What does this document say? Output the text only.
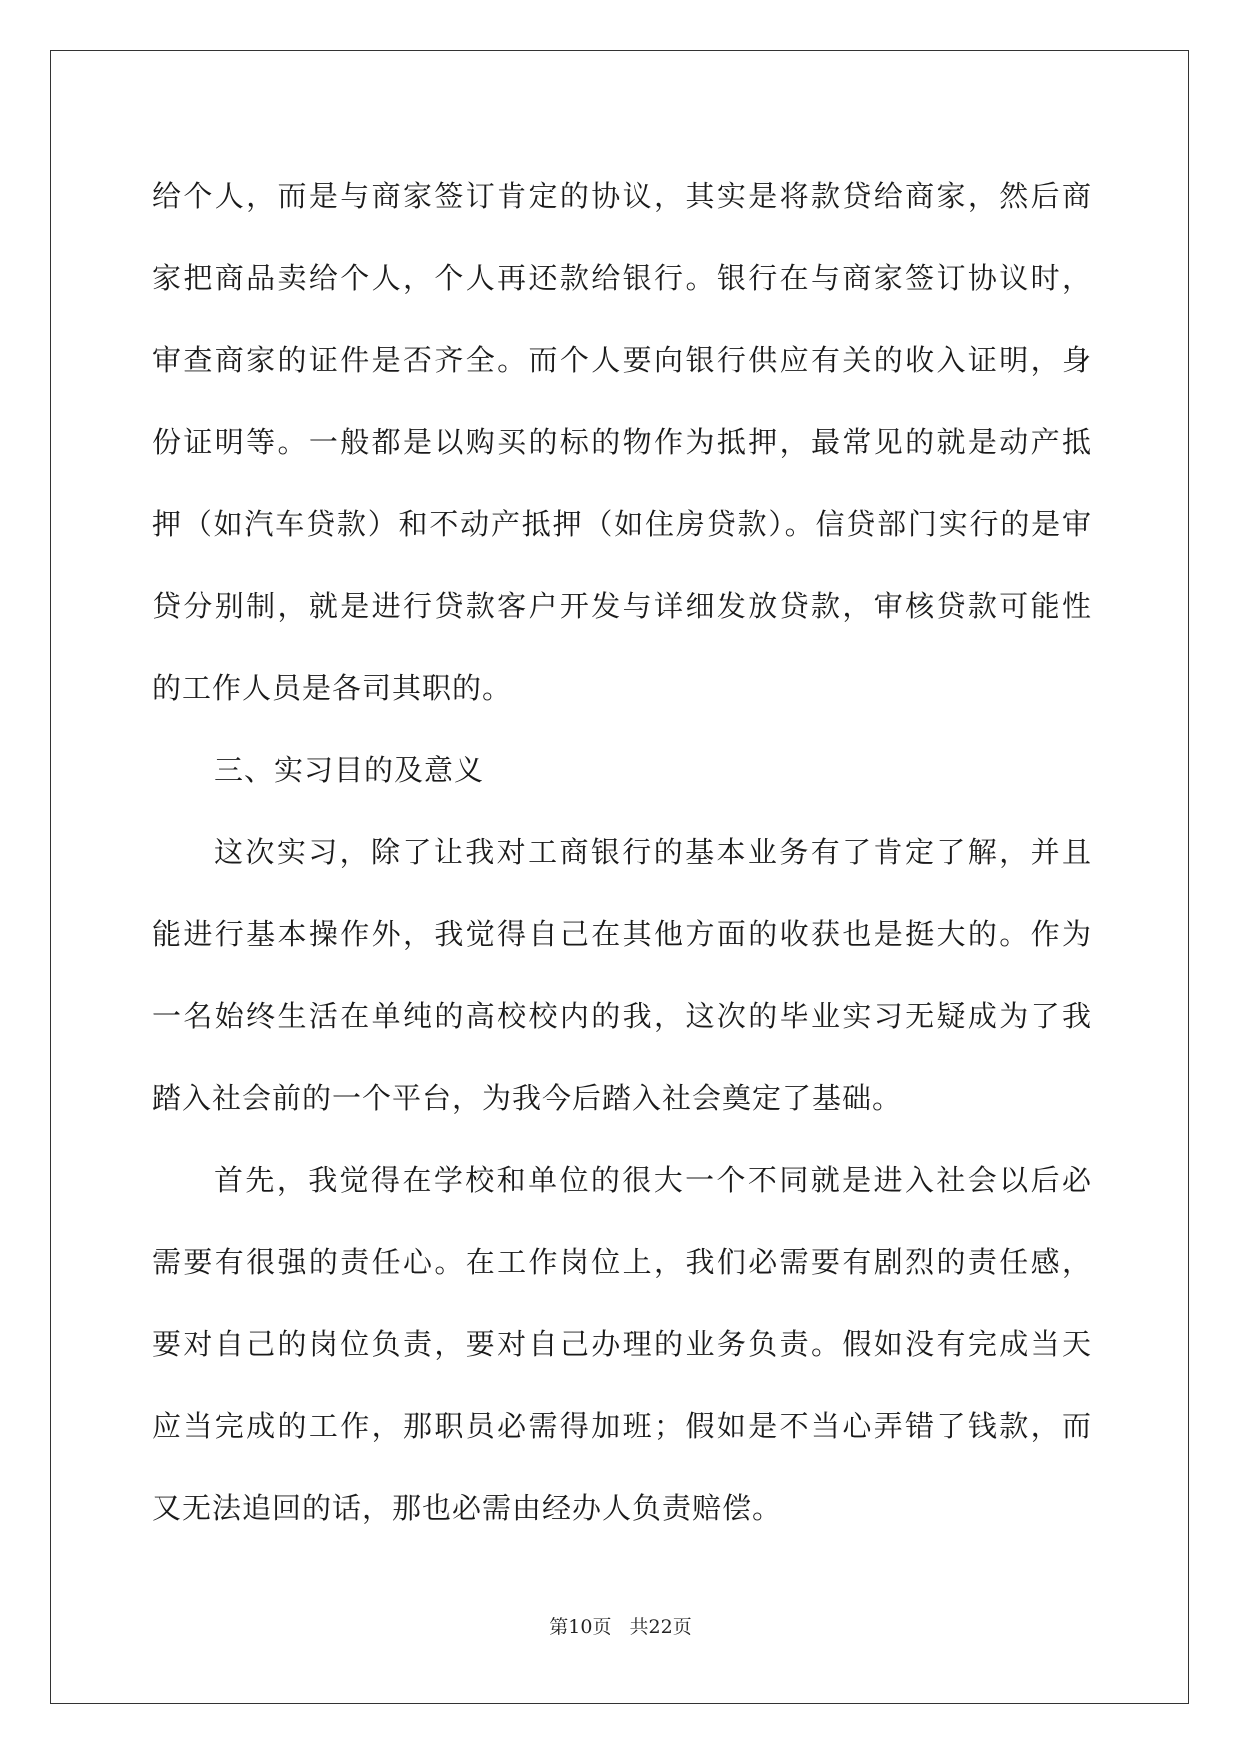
给个人，而是与商家签订肯定的协议，其实是将款贷给商家，然后商
家把商品卖给个人，个人再还款给银行。银行在与商家签订协议时，
审查商家的证件是否齐全。而个人要向银行供应有关的收入证明，身
份证明等。一般都是以购买的标的物作为抵押，最常见的就是动产抵
押（如汽车贷款）和不动产抵押（如住房贷款）。信贷部门实行的是审
贷分别制，就是进行贷款客户开发与详细发放贷款，审核贷款可能性
的工作人员是各司其职的。
三、实习目的及意义
这次实习，除了让我对工商银行的基本业务有了肯定了解，并且
能进行基本操作外，我觉得自己在其他方面的收获也是挺大的。作为
一名始终生活在单纯的高校校内的我，这次的毕业实习无疑成为了我
踏入社会前的一个平台，为我今后踏入社会奠定了基础。
首先，我觉得在学校和单位的很大一个不同就是进入社会以后必
需要有很强的责任心。在工作岗位上，我们必需要有剧烈的责任感，
要对自己的岗位负责，要对自己办理的业务负责。假如没有完成当天
应当完成的工作，那职员必需得加班；假如是不当心弄错了钱款，而
又无法追回的话，那也必需由经办人负责赔偿。
第10页 共22页
